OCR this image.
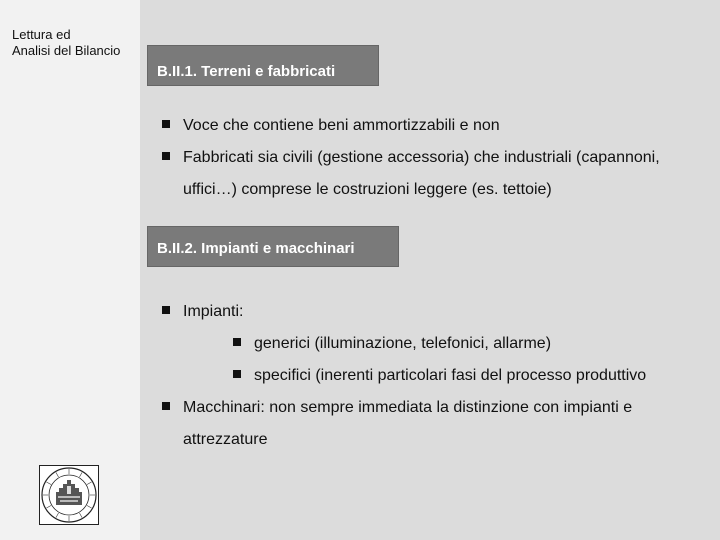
Lettura ed
Analisi del Bilancio
B.II.1. Terreni e fabbricati
Voce che contiene beni ammortizzabili e non
Fabbricati sia civili (gestione accessoria) che industriali (capannoni,
uffici…) comprese le costruzioni leggere (es. tettoie)
B.II.2. Impianti e macchinari
Impianti:
generici (illuminazione, telefonici, allarme)
specifici (inerenti particolari fasi del processo produttivo
Macchinari: non sempre immediata la distinzione con impianti e
attrezzature
